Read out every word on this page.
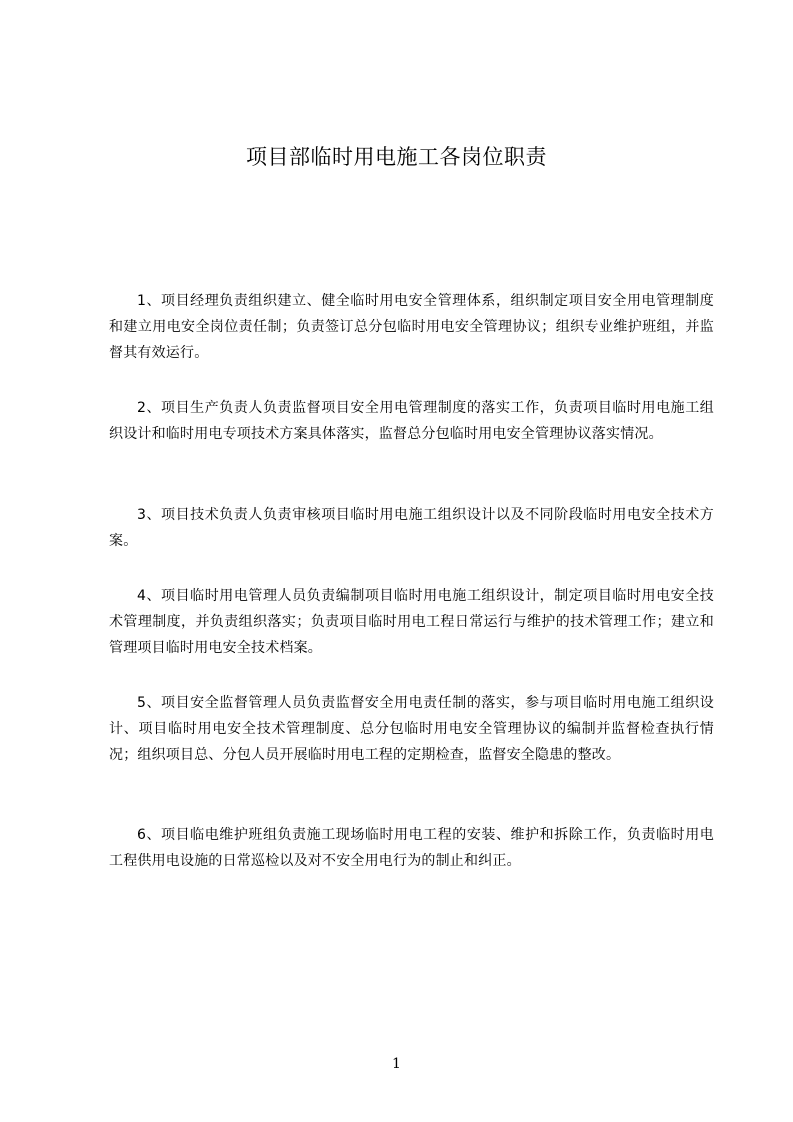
项目部临时用电施工各岗位职责
1、项目经理负责组织建立、健全临时用电安全管理体系，组织制定项目安全用电管理制度和建立用电安全岗位责任制；负责签订总分包临时用电安全管理协议；组织专业维护班组，并监督其有效运行。
2、项目生产负责人负责监督项目安全用电管理制度的落实工作，负责项目临时用电施工组织设计和临时用电专项技术方案具体落实，监督总分包临时用电安全管理协议落实情况。
3、项目技术负责人负责审核项目临时用电施工组织设计以及不同阶段临时用电安全技术方案。
4、项目临时用电管理人员负责编制项目临时用电施工组织设计，制定项目临时用电安全技术管理制度，并负责组织落实；负责项目临时用电工程日常运行与维护的技术管理工作；建立和管理项目临时用电安全技术档案。
5、项目安全监督管理人员负责监督安全用电责任制的落实，参与项目临时用电施工组织设计、项目临时用电安全技术管理制度、总分包临时用电安全管理协议的编制并监督检查执行情况；组织项目总、分包人员开展临时用电工程的定期检查，监督安全隐患的整改。
6、项目临电维护班组负责施工现场临时用电工程的安装、维护和拆除工作，负责临时用电工程供用电设施的日常巡检以及对不安全用电行为的制止和纠正。
1
